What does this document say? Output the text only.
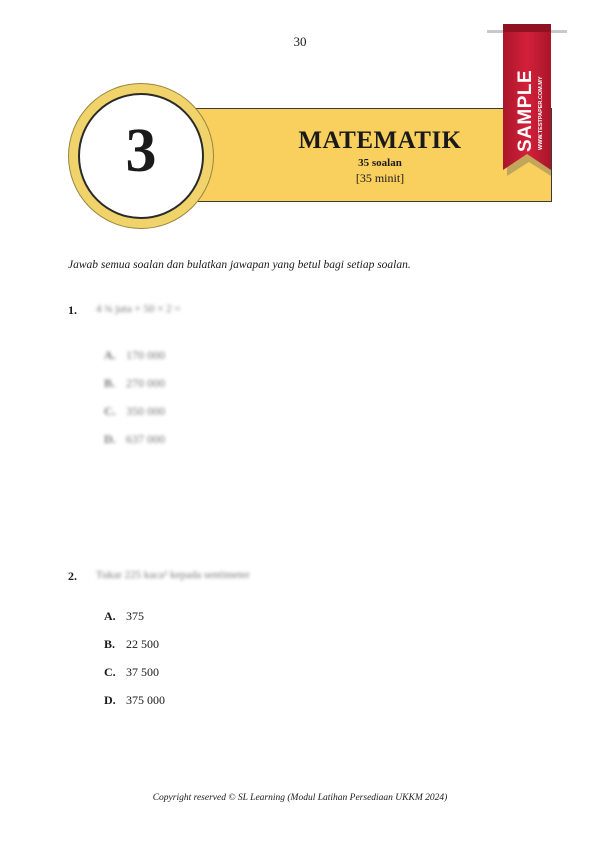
30
MATEMATIK
35 soalan
[35 minit]
3	SAMPLE WWW.TESTPAPER.COM.MY
Jawab semua soalan dan bulatkan jawapan yang betul bagi setiap soalan.
1. 4 ¾ juta + 50 × 2 =
A. 170 000
B. 270 000
C. 350 000
D. 637 000
2. Tukar 225 kaca² kepada sentimeter
A. 375
B. 22 500
C. 37 500
D. 375 000
Copyright reserved © SL Learning (Modul Latihan Persediaan UKKM 2024)
